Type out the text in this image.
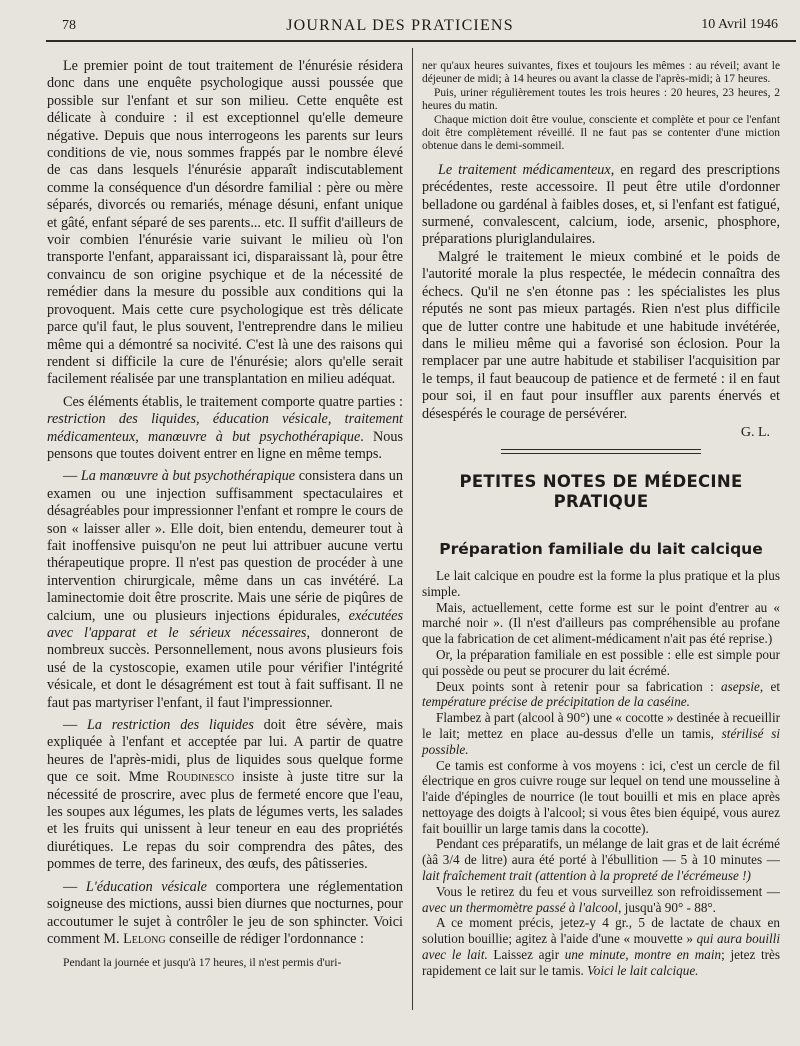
78	JOURNAL DES PRATICIENS	10 Avril 1946

Le premier point de tout traitement de l'énurésie résidera donc dans une enquête psychologique aussi poussée que possible sur l'enfant et sur son milieu. Cette enquête est délicate à conduire : il est exceptionnel qu'elle demeure négative. Depuis que nous interrogeons les parents sur leurs conditions de vie, nous sommes frappés par le nombre élevé de cas dans lesquels l'énurésie apparaît indiscutablement comme la conséquence d'un désordre familial : père ou mère séparés, divorcés ou remariés, ménage désuni, enfant unique et gâté, enfant séparé de ses parents... etc. Il suffit d'ailleurs de voir combien l'énurésie varie suivant le milieu où l'on transporte l'enfant, apparaissant ici, disparaissant là, pour être convaincu de son origine psychique et de la nécessité de remédier dans la mesure du possible aux conditions qui la provoquent. Mais cette cure psychologique est très délicate parce qu'il faut, le plus souvent, l'entreprendre dans le milieu même qui a démontré sa nocivité. C'est là une des raisons qui rendent si difficile la cure de l'énurésie; alors qu'elle serait facilement réalisée par une transplantation en milieu adéquat.

Ces éléments établis, le traitement comporte quatre parties : restriction des liquides, éducation vésicale, traitement médicamenteux, manœuvre à but psychothérapique. Nous pensons que toutes doivent entrer en ligne en même temps.

— La manœuvre à but psychothérapique consistera dans un examen ou une injection suffisamment spectaculaires et désagréables pour impressionner l'enfant et rompre le cours de son « laisser aller ». Elle doit, bien entendu, demeurer tout à fait inoffensive puisqu'on ne peut lui attribuer aucune vertu thérapeutique propre. Il n'est pas question de procéder à une intervention chirurgicale, même dans un cas invétéré. La laminectomie doit être proscrite. Mais une série de piqûres de calcium, une ou plusieurs injections épidurales, exécutées avec l'apparat et le sérieux nécessaires, donneront de nombreux succès. Personnellement, nous avons plusieurs fois usé de la cystoscopie, examen utile pour vérifier l'intégrité vésicale, et dont le désagrément est tout à fait suffisant. Il ne faut pas martyriser l'enfant, il faut l'impressionner.

— La restriction des liquides doit être sévère, mais expliquée à l'enfant et acceptée par lui. A partir de quatre heures de l'après-midi, plus de liquides sous quelque forme que ce soit. Mme Roudinesco insiste à juste titre sur la nécessité de proscrire, avec plus de fermeté encore que l'eau, les soupes aux légumes, les plats de légumes verts, les salades et les fruits qui unissent à leur teneur en eau des propriétés diurétiques. Le repas du soir comprendra des pâtes, des pommes de terre, des farineux, des œufs, des pâtisseries.

— L'éducation vésicale comportera une réglementation soigneuse des mictions, aussi bien diurnes que nocturnes, pour accoutumer le sujet à contrôler le jeu de son sphincter. Voici comment M. Lelong conseille de rédiger l'ordonnance :

Pendant la journée et jusqu'à 17 heures, il n'est permis d'uri-

ner qu'aux heures suivantes, fixes et toujours les mêmes : au réveil; avant le déjeuner de midi; à 14 heures ou avant la classe de l'après-midi; à 17 heures.

Puis, uriner régulièrement toutes les trois heures : 20 heures, 23 heures, 2 heures du matin.

Chaque miction doit être voulue, consciente et complète et pour ce l'enfant doit être complètement réveillé. Il ne faut pas se contenter d'une miction obtenue dans le demi-sommeil.

Le traitement médicamenteux, en regard des prescriptions précédentes, reste accessoire. Il peut être utile d'ordonner belladone ou gardénal à faibles doses, et, si l'enfant est fatigué, surmené, convalescent, calcium, iode, arsenic, phosphore, préparations pluriglandulaires.

Malgré le traitement le mieux combiné et le poids de l'autorité morale la plus respectée, le médecin connaîtra des échecs. Qu'il ne s'en étonne pas : les spécialistes les plus réputés ne sont pas mieux partagés. Rien n'est plus difficile que de lutter contre une habitude et une habitude invétérée, dans le milieu même qui a favorisé son éclosion. Pour la remplacer par une autre habitude et stabiliser l'acquisition par le temps, il faut beaucoup de patience et de fermeté : il en faut pour soi, il en faut pour insuffler aux parents énervés et désespérés le courage de persévérer.

G. L.
PETITES NOTES DE MÉDECINE
PRATIQUE
Préparation familiale du lait calcique

Le lait calcique en poudre est la forme la plus pratique et la plus simple.

Mais, actuellement, cette forme est sur le point d'entrer au « marché noir ». (Il n'est d'ailleurs pas compréhensible au profane que la fabrication de cet aliment-médicament n'ait pas été reprise.)

Or, la préparation familiale en est possible : elle est simple pour qui possède ou peut se procurer du lait écrémé.

Deux points sont à retenir pour sa fabrication : asepsie, et température précise de précipitation de la caséine.

Flambez à part (alcool à 90°) une « cocotte » destinée à recueillir le lait; mettez en place au-dessus d'elle un tamis, stérilisé si possible.

Ce tamis est conforme à vos moyens : ici, c'est un cercle de fil électrique en gros cuivre rouge sur lequel on tend une mousseline à l'aide d'épingles de nourrice (le tout bouilli et mis en place après nettoyage des doigts à l'alcool; si vous êtes bien équipé, vous aurez fait bouillir un large tamis dans la cocotte).

Pendant ces préparatifs, un mélange de lait gras et de lait écrémé (àâ 3/4 de litre) aura été porté à l'ébullition — 5 à 10 minutes — lait fraîchement trait (attention à la propreté de l'écrémeuse !)

Vous le retirez du feu et vous surveillez son refroidissement — avec un thermomètre passé à l'alcool, jusqu'à 90° - 88°.

A ce moment précis, jetez-y 4 gr., 5 de lactate de chaux en solution bouillie; agitez à l'aide d'une « mouvette » qui aura bouilli avec le lait. Laissez agir une minute, montre en main; jetez très rapidement ce lait sur le tamis. Voici le lait calcique.
